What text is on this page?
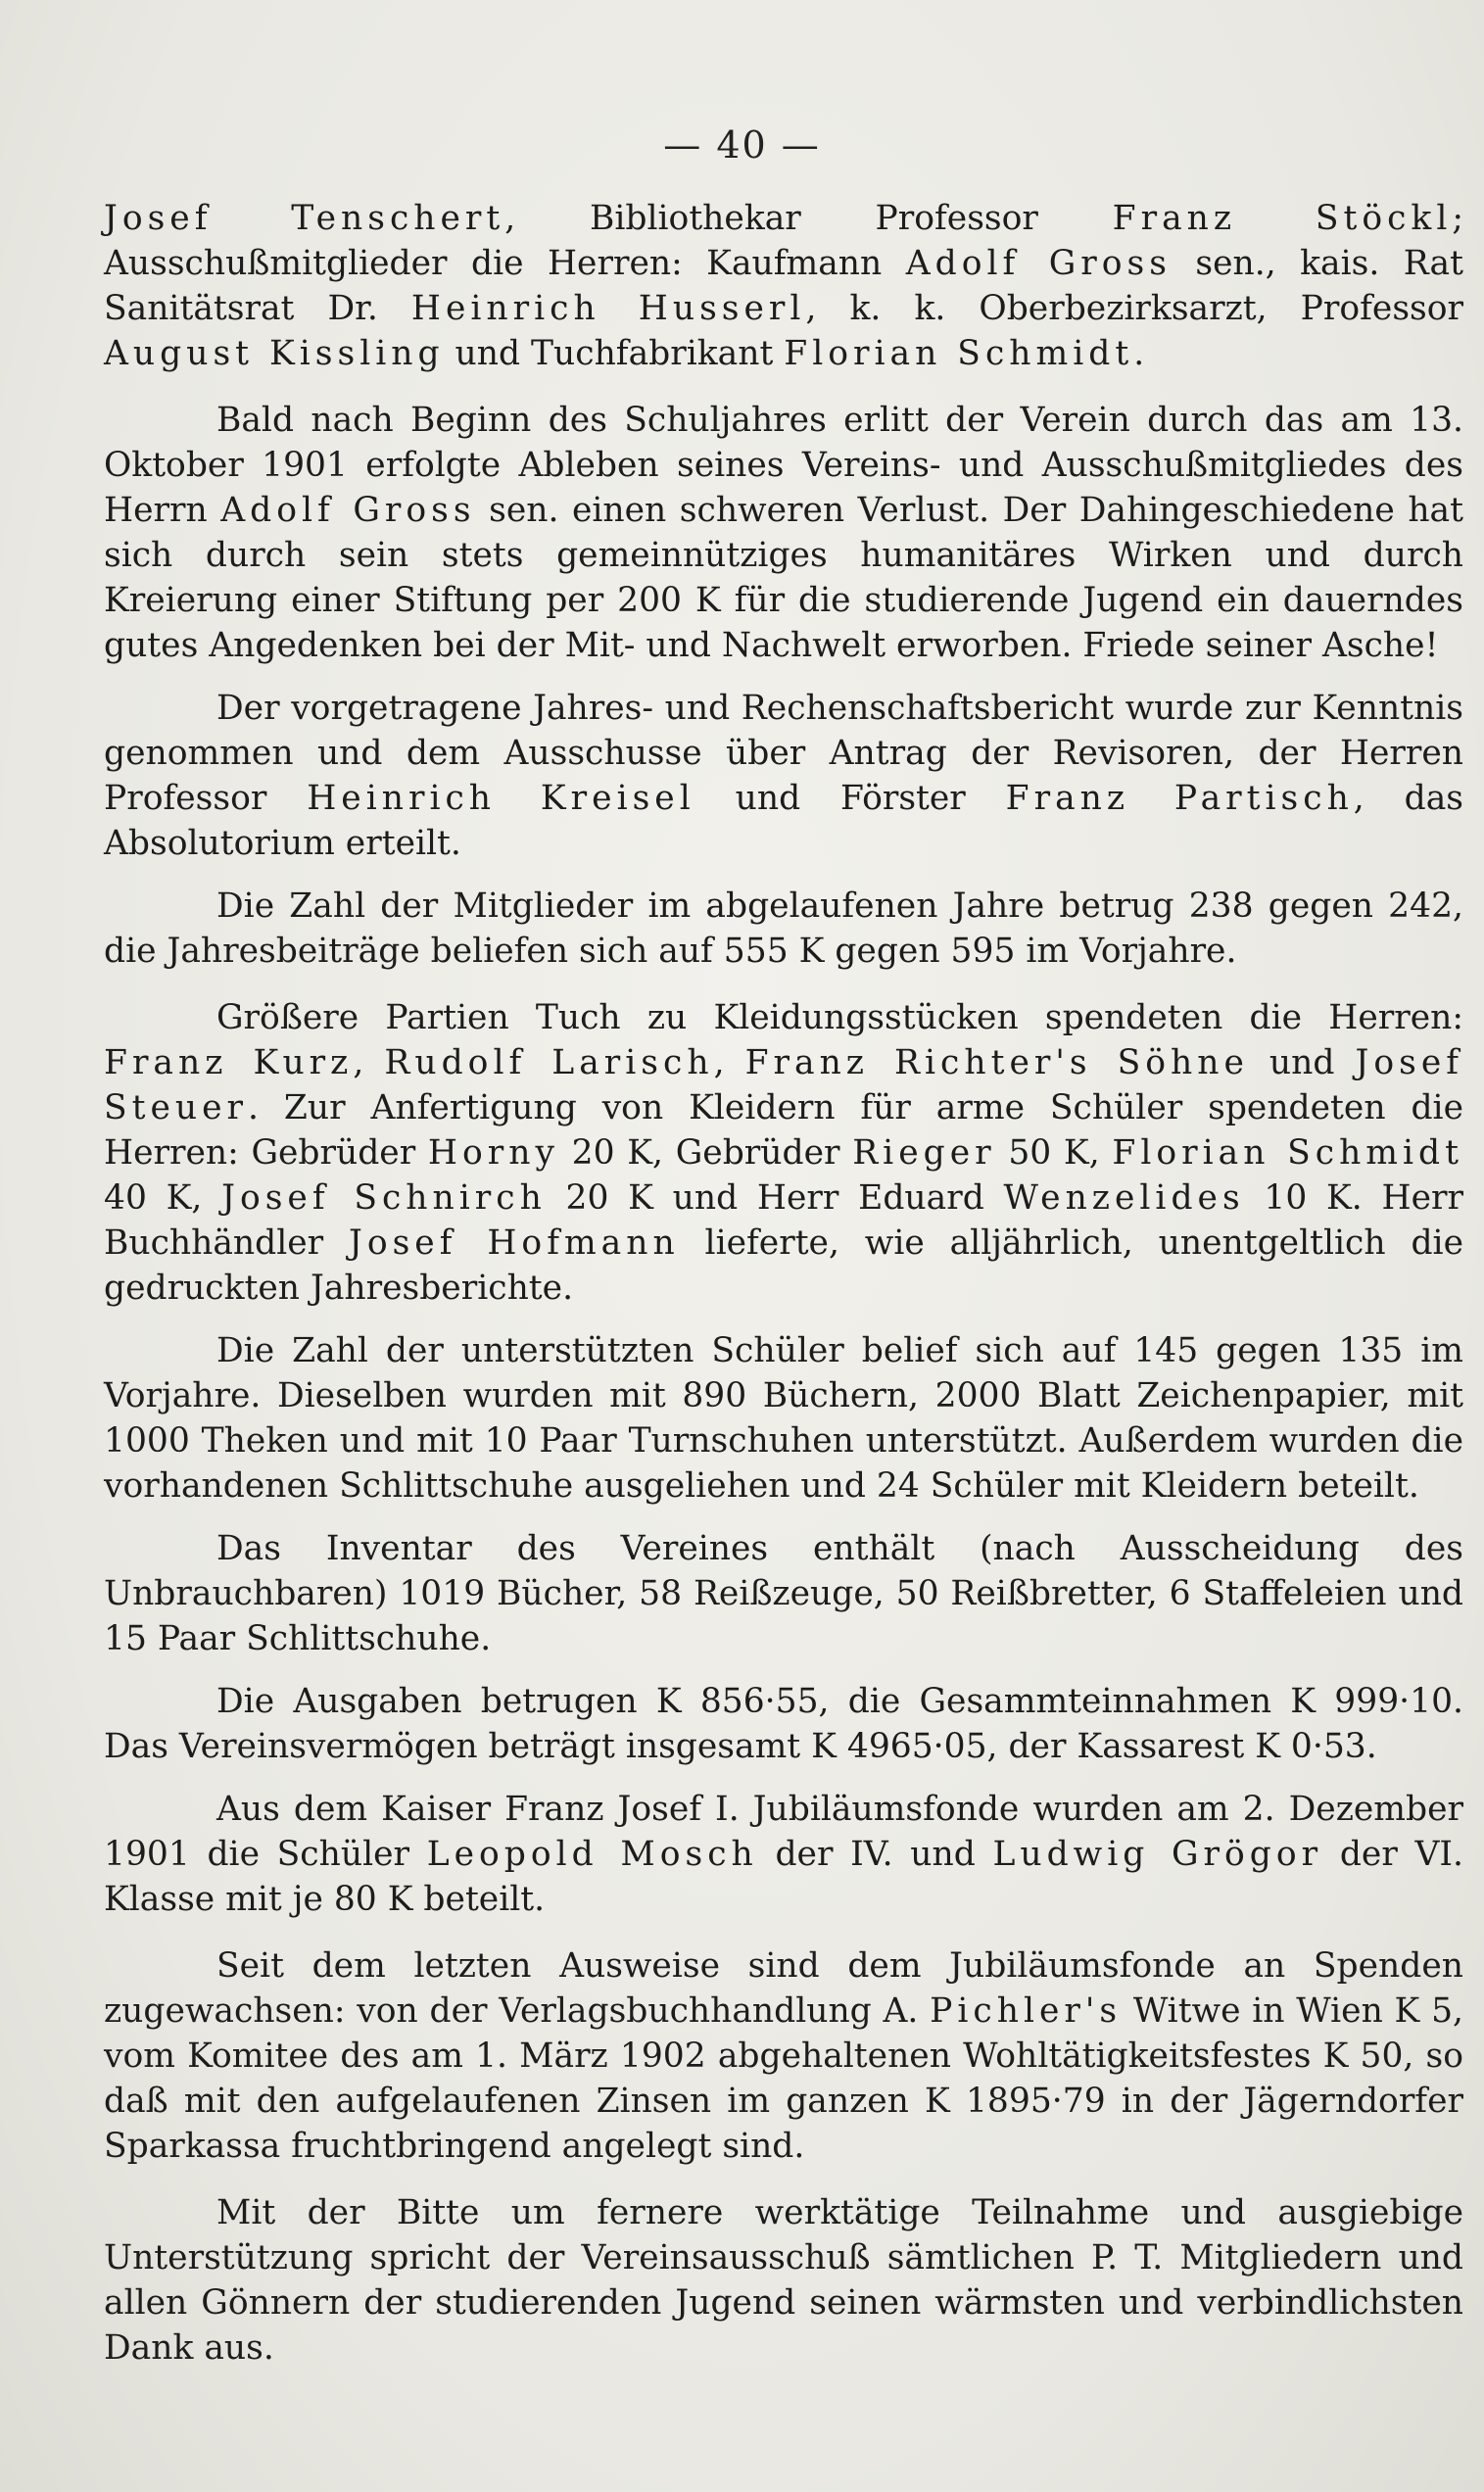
— 40 —

Josef Tenschert, Bibliothekar Professor Franz Stöckl; Ausschußmitglieder die Herren: Kaufmann Adolf Gross sen., kais. Rat Sanitätsrat Dr. Heinrich Husserl, k. k. Oberbezirksarzt, Professor August Kissling und Tuchfabrikant Florian Schmidt.

Bald nach Beginn des Schuljahres erlitt der Verein durch das am 13. Oktober 1901 erfolgte Ableben seines Vereins- und Ausschußmitgliedes des Herrn Adolf Gross sen. einen schweren Verlust. Der Dahingeschiedene hat sich durch sein stets gemeinnütziges humanitäres Wirken und durch Kreierung einer Stiftung per 200 K für die studierende Jugend ein dauerndes gutes Angedenken bei der Mit- und Nachwelt erworben. Friede seiner Asche!

Der vorgetragene Jahres- und Rechenschaftsbericht wurde zur Kenntnis genommen und dem Ausschusse über Antrag der Revisoren, der Herren Professor Heinrich Kreisel und Förster Franz Partisch, das Absolutorium erteilt.

Die Zahl der Mitglieder im abgelaufenen Jahre betrug 238 gegen 242, die Jahresbeiträge beliefen sich auf 555 K gegen 595 im Vorjahre.

Größere Partien Tuch zu Kleidungsstücken spendeten die Herren: Franz Kurz, Rudolf Larisch, Franz Richter's Söhne und Josef Steuer. Zur Anfertigung von Kleidern für arme Schüler spendeten die Herren: Gebrüder Horny 20 K, Gebrüder Rieger 50 K, Florian Schmidt 40 K, Josef Schnirch 20 K und Herr Eduard Wenzelides 10 K. Herr Buchhändler Josef Hofmann lieferte, wie alljährlich, unentgeltlich die gedruckten Jahresberichte.

Die Zahl der unterstützten Schüler belief sich auf 145 gegen 135 im Vorjahre. Dieselben wurden mit 890 Büchern, 2000 Blatt Zeichenpapier, mit 1000 Theken und mit 10 Paar Turnschuhen unterstützt. Außerdem wurden die vorhandenen Schlittschuhe ausgeliehen und 24 Schüler mit Kleidern beteilt.

Das Inventar des Vereines enthält (nach Ausscheidung des Unbrauchbaren) 1019 Bücher, 58 Reißzeuge, 50 Reißbretter, 6 Staffeleien und 15 Paar Schlittschuhe.

Die Ausgaben betrugen K 856·55, die Gesammteinnahmen K 999·10. Das Vereinsvermögen beträgt insgesamt K 4965·05, der Kassarest K 0·53.

Aus dem Kaiser Franz Josef I. Jubiläumsfonde wurden am 2. Dezember 1901 die Schüler Leopold Mosch der IV. und Ludwig Grögor der VI. Klasse mit je 80 K beteilt.

Seit dem letzten Ausweise sind dem Jubiläumsfonde an Spenden zugewachsen: von der Verlagsbuchhandlung A. Pichler's Witwe in Wien K 5, vom Komitee des am 1. März 1902 abgehaltenen Wohltätigkeitsfestes K 50, so daß mit den aufgelaufenen Zinsen im ganzen K 1895·79 in der Jägerndorfer Sparkassa fruchtbringend angelegt sind.

Mit der Bitte um fernere werktätige Teilnahme und ausgiebige Unterstützung spricht der Vereinsausschuß sämtlichen P. T. Mitgliedern und allen Gönnern der studierenden Jugend seinen wärmsten und verbindlichsten Dank aus.
